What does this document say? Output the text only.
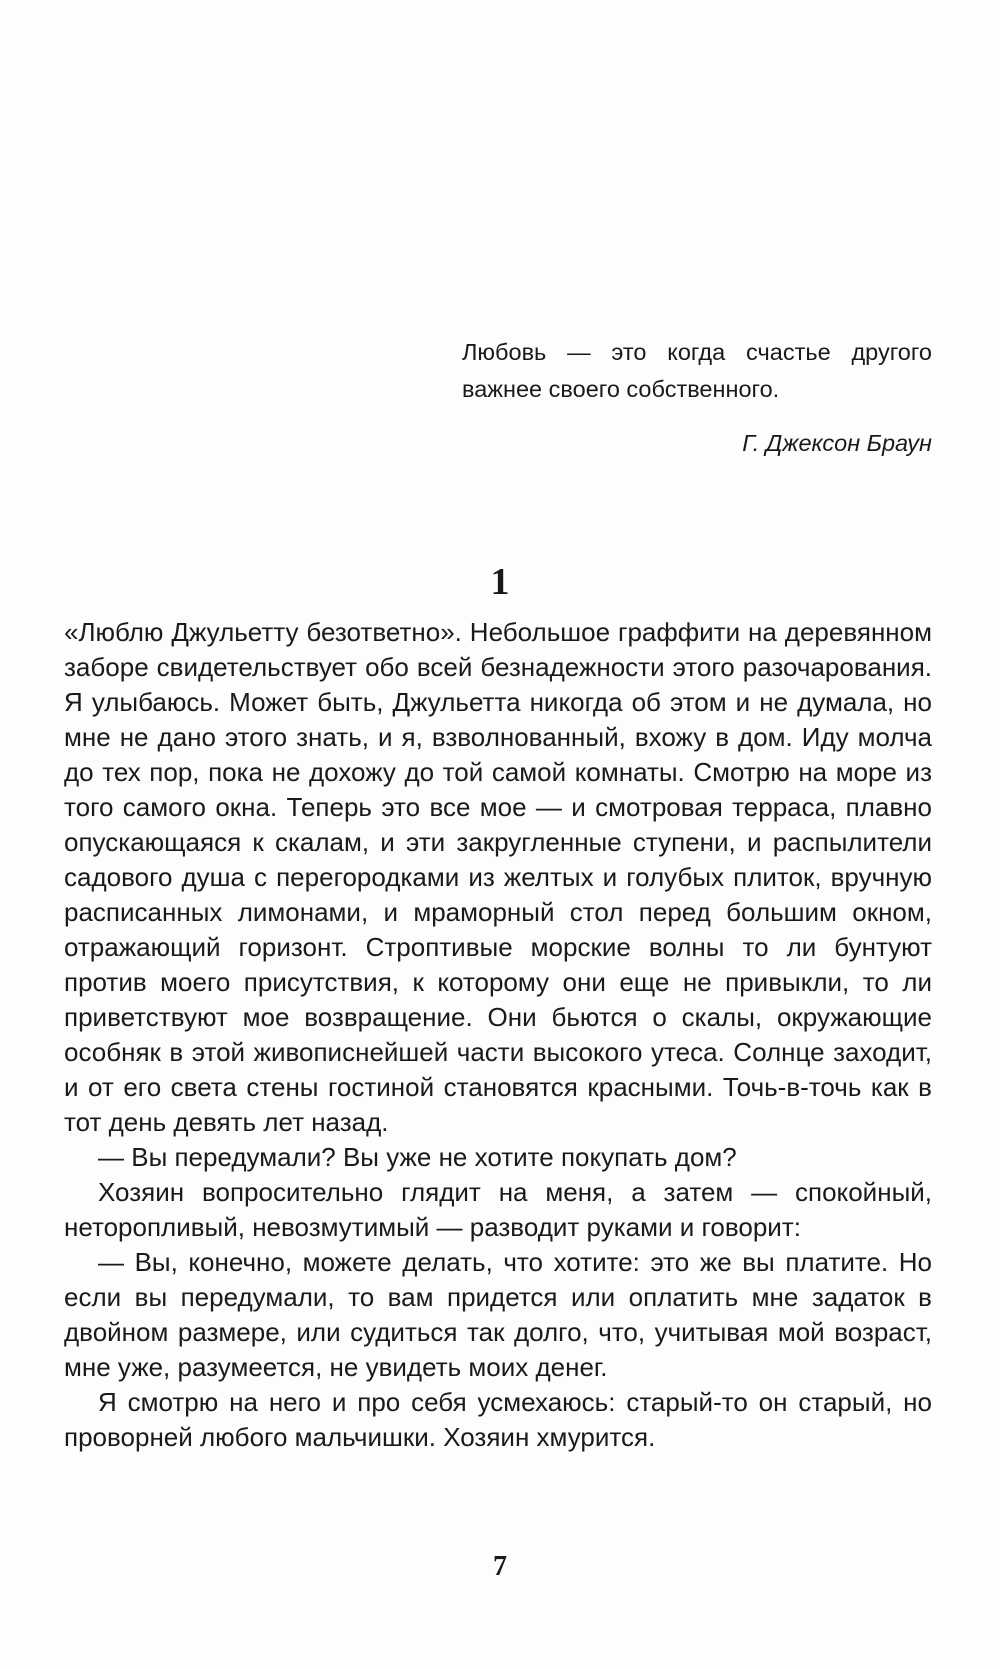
Любовь — это когда счастье другого важнее своего собственного.
Г. Джексон Браун
1

«Люблю Джульетту безответно». Небольшое граффити на деревянном заборе свидетельствует обо всей безнадежности этого разочарования. Я улыбаюсь. Может быть, Джульетта никогда об этом и не думала, но мне не дано этого знать, и я, взволнованный, вхожу в дом. Иду молча до тех пор, пока не дохожу до той самой комнаты. Смотрю на море из того самого окна. Теперь это все мое — и смотровая терраса, плавно опускающаяся к скалам, и эти закругленные ступени, и распылители садового душа с перегородками из желтых и голубых плиток, вручную расписанных лимонами, и мраморный стол перед большим окном, отражающий горизонт. Строптивые морские волны то ли бунтуют против моего присутствия, к которому они еще не привыкли, то ли приветствуют мое возвращение. Они бьются о скалы, окружающие особняк в этой живописнейшей части высокого утеса. Солнце заходит, и от его света стены гостиной становятся красными. Точь-в-точь как в тот день девять лет назад.

— Вы передумали? Вы уже не хотите покупать дом?

Хозяин вопросительно глядит на меня, а затем — спокойный, неторопливый, невозмутимый — разводит руками и говорит:

— Вы, конечно, можете делать, что хотите: это же вы платите. Но если вы передумали, то вам придется или оплатить мне задаток в двойном размере, или судиться так долго, что, учитывая мой возраст, мне уже, разумеется, не увидеть моих денег.

Я смотрю на него и про себя усмехаюсь: старый-то он старый, но проворней любого мальчишки. Хозяин хмурится.

7
